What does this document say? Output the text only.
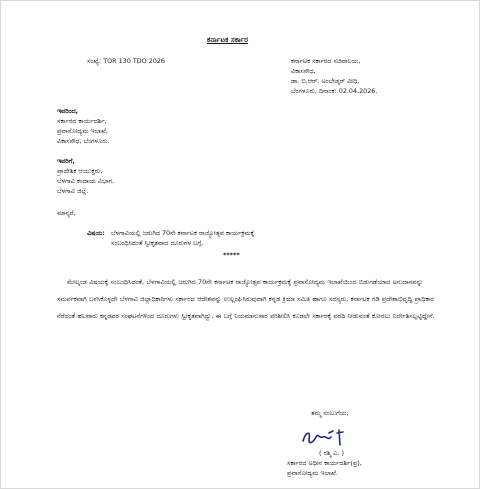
ಕರ್ನಾಟಕ ಸರ್ಕಾರ
ಸಂಖ್ಯೆ: TOR 130 TDO 2026	ಕರ್ನಾಟಕ ಸರ್ಕಾರದ ಸಚಿವಾಲಯ,
ವಿಕಾಸಸೌಧ,
ಡಾ. ಬಿ.ಆರ್. ಅಂಬೇಡ್ಕರ್ ವೀಧಿ,
ಬೆಂಗಳೂರು, ದಿನಾಂಕ: 02.04.2026.
ಇವರಿಂದ,
ಸರ್ಕಾರದ ಕಾರ್ಯದರ್ಶಿ,
ಪ್ರವಾಸೋದ್ಯಮ ಇಲಾಖೆ,
ವಿಕಾಸಸೌಧ, ಬೆಂಗಳೂರು.
ಇವರಿಗೆ,
ಪ್ರಾದೇಶಿಕ ಆಯುಕ್ತರು,
ಬೆಳಗಾವಿ ಕಂದಾಯ ವಿಭಾಗ,
ಬೆಳಗಾವಿ ಜಿಲ್ಲೆ.
ಮಾನ್ಯರೆ,
ವಿಷಯ: ಬೆಳಗಾವಿಯಲ್ಲಿ ಜರುಗಿದ 70ನೇ ಕರ್ನಾಟಕ ರಾಜ್ಯೋತ್ಸವ ಕಾರ್ಯಕ್ರಮಕ್ಕೆ
ಸಂಬಂಧಿಸಿದಂತೆ ಸ್ವೀಕೃತವಾದ ದೂರುಗಳ ಬಗ್ಗೆ.
*****
ಮೇಲ್ಕಂಡ ವಿಷಯಕ್ಕೆ ಸಂಬಂಧಿಸಿದಂತೆ, ಬೆಳಗಾವಿಯಲ್ಲಿ ಜರುಗಿದ 70ನೇ ಕರ್ನಾಟಕ ರಾಜ್ಯೋತ್ಸವ ಕಾರ್ಯಕ್ರಮಕ್ಕೆ ಪ್ರವಾಸೋದ್ಯಮ ಇಲಾಖೆಯಿಂದ ಬಿಡುಗಡೆಯಾದ ಅನುದಾನವನ್ನು ಸಮರ್ಪಕವಾಗಿ ಬಳಸಿಕೊಳ್ಳದೇ ಬೆಳಗಾವಿ ಜಿಲ್ಲಾಧಿಕಾರಿಗಳು ಸರ್ಕಾರದ ಆದೇಶವನ್ನು ಉಲ್ಲಂಘಿಸಿರುವುದಾಗಿ ಕನ್ನಡ ಕ್ರಿಯಾ ಸಮಿತಿ ಹಾಗೂ ಸದಸ್ಯರು, ಕರ್ನಾಟಕ ಗಡಿ ಪ್ರದೇಶಾಭಿವೃದ್ಧಿ ಪ್ರಾಧಿಕಾರ ನೆರೆದಂತೆ ಹಲವಾರು ಕನ್ನಡಪರ ಸಂಘಟನೆಗಳಿಂದ ದೂರುಗಳು ಸ್ವೀಕೃತವಾಗಿದ್ದು, ಈ ಬಗ್ಗೆ ನಿಯಮಾನುಸಾರ ಪರಿಶೀಲಿಸಿ ಕೂಡಲೇ ಸರ್ಕಾರಕ್ಕೆ ವರದಿ ನೀಡುವಂತೆ ಕೋರಲು ನಿರ್ದೇಶಿಸಲ್ಪಟ್ಟಿದ್ದೇನೆ.
ತಮ್ಮ ನಂಬುಗೆಯ,
( ರಶ್ಮಿ ಎ. )
ಸರ್ಕಾರದ ಅಧೀನ ಕಾರ್ಯದರ್ಶಿ(ಪ್ರ),
ಪ್ರವಾಸೋದ್ಯಮ ಇಲಾಖೆ.
